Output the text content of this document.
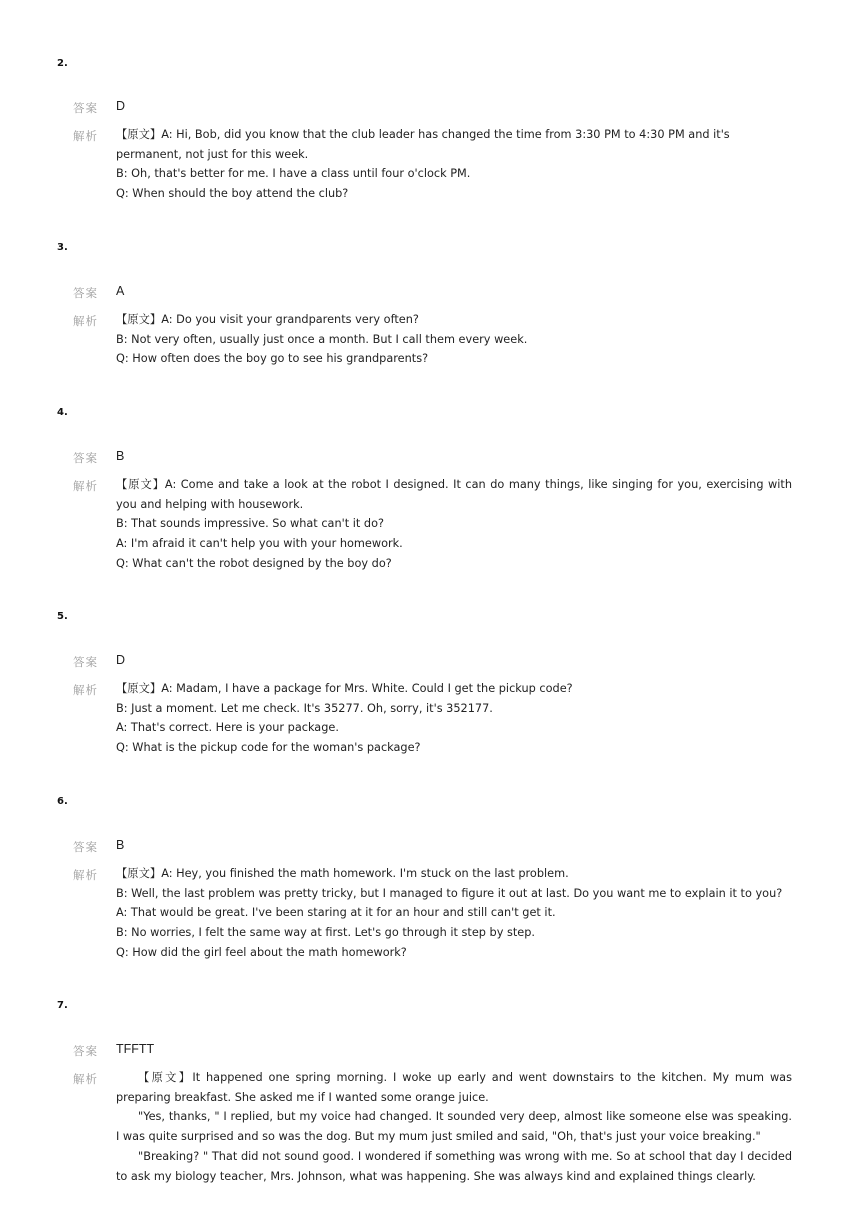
2.
答案 D
解析 【原文】A: Hi, Bob, did you know that the club leader has changed the time from 3:30 PM to 4:30 PM and it's permanent, not just for this week.
B: Oh, that's better for me. I have a class until four o'clock PM.
Q: When should the boy attend the club?
3.
答案 A
解析 【原文】A: Do you visit your grandparents very often?
B: Not very often, usually just once a month. But I call them every week.
Q: How often does the boy go to see his grandparents?
4.
答案 B
解析 【原文】A: Come and take a look at the robot I designed. It can do many things, like singing for you, exercising with you and helping with housework.
B: That sounds impressive. So what can't it do?
A: I'm afraid it can't help you with your homework.
Q: What can't the robot designed by the boy do?
5.
答案 D
解析 【原文】A: Madam, I have a package for Mrs. White. Could I get the pickup code?
B: Just a moment. Let me check. It's 35277. Oh, sorry, it's 352177.
A: That's correct. Here is your package.
Q: What is the pickup code for the woman's package?
6.
答案 B
解析 【原文】A: Hey, you finished the math homework. I'm stuck on the last problem.
B: Well, the last problem was pretty tricky, but I managed to figure it out at last. Do you want me to explain it to you?
A: That would be great. I've been staring at it for an hour and still can't get it.
B: No worries, I felt the same way at first. Let's go through it step by step.
Q: How did the girl feel about the math homework?
7.
答案 TFFTT
解析	【原文】It happened one spring morning. I woke up early and went downstairs to the kitchen. My mum was preparing breakfast. She asked me if I wanted some orange juice.
"Yes, thanks, " I replied, but my voice had changed. It sounded very deep, almost like someone else was speaking. I was quite surprised and so was the dog. But my mum just smiled and said, "Oh, that's just your voice breaking."
"Breaking? " That did not sound good. I wondered if something was wrong with me. So at school that day I decided to ask my biology teacher, Mrs. Johnson, what was happening. She was always kind and explained things clearly.
